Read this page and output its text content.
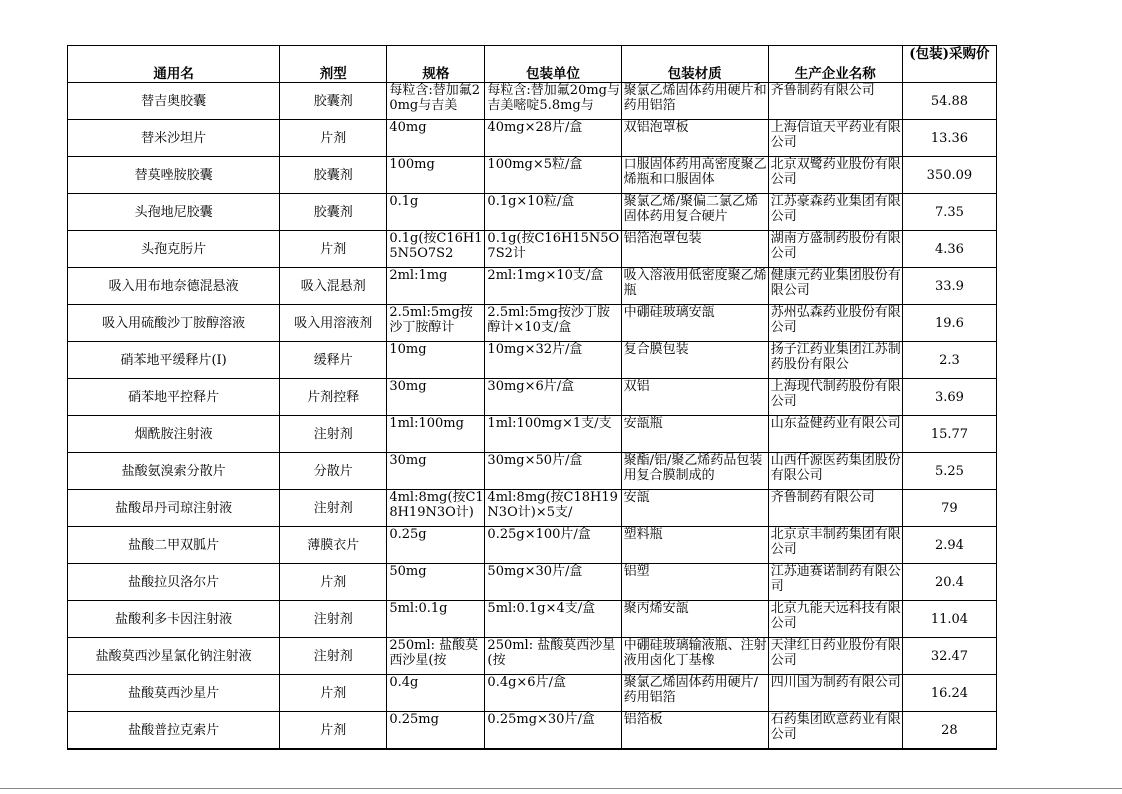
通用名	剂型	规格	包装单位	包装材质	生产企业名称	(包装)采购价
替吉奥胶囊	胶囊剂	每粒含:替加氟20mg与吉美	每粒含:替加氟20mg与吉美嘧啶5.8mg与	聚氯乙烯固体药用硬片和药用铝箔	齐鲁制药有限公司	54.88
替米沙坦片	片剂	40mg	40mg×28片/盒	双铝泡罩板	上海信谊天平药业有限公司	13.36
替莫唑胺胶囊	胶囊剂	100mg	100mg×5粒/盒	口服固体药用高密度聚乙烯瓶和口服固体	北京双鹭药业股份有限公司	350.09
头孢地尼胶囊	胶囊剂	0.1g	0.1g×10粒/盒	聚氯乙烯/聚偏二氯乙烯固体药用复合硬片	江苏豪森药业集团有限公司	7.35
头孢克肟片	片剂	0.1g(按C16H15N5O7S2	0.1g(按C16H15N5O7S2计	铝箔泡罩包装	湖南方盛制药股份有限公司	4.36
吸入用布地奈德混悬液	吸入混悬剂	2ml:1mg	2ml:1mg×10支/盒	吸入溶液用低密度聚乙烯瓶	健康元药业集团股份有限公司	33.9
吸入用硫酸沙丁胺醇溶液	吸入用溶液剂	2.5ml:5mg按沙丁胺醇计	2.5ml:5mg按沙丁胺醇计×10支/盒	中硼硅玻璃安瓿	苏州弘森药业股份有限公司	19.6
硝苯地平缓释片(Ⅰ)	缓释片	10mg	10mg×32片/盒	复合膜包装	扬子江药业集团江苏制药股份有限公	2.3
硝苯地平控释片	片剂控释	30mg	30mg×6片/盒	双铝	上海现代制药股份有限公司	3.69
烟酰胺注射液	注射剂	1ml:100mg	1ml:100mg×1支/支	安瓿瓶	山东益健药业有限公司	15.77
盐酸氨溴索分散片	分散片	30mg	30mg×50片/盒	聚酯/铝/聚乙烯药品包装用复合膜制成的	山西仟源医药集团股份有限公司	5.25
盐酸昂丹司琼注射液	注射剂	4ml:8mg(按C18H19N3O计)	4ml:8mg(按C18H19N3O计)×5支/	安瓿	齐鲁制药有限公司	79
盐酸二甲双胍片	薄膜衣片	0.25g	0.25g×100片/盒	塑料瓶	北京京丰制药集团有限公司	2.94
盐酸拉贝洛尔片	片剂	50mg	50mg×30片/盒	铝塑	江苏迪赛诺制药有限公司	20.4
盐酸利多卡因注射液	注射剂	5ml:0.1g	5ml:0.1g×4支/盒	聚丙烯安瓿	北京九能天远科技有限公司	11.04
盐酸莫西沙星氯化钠注射液	注射剂	250ml: 盐酸莫西沙星(按	250ml: 盐酸莫西沙星(按	中硼硅玻璃输液瓶、注射液用卤化丁基橡	天津红日药业股份有限公司	32.47
盐酸莫西沙星片	片剂	0.4g	0.4g×6片/盒	聚氯乙烯固体药用硬片/药用铝箔	四川国为制药有限公司	16.24
盐酸普拉克索片	片剂	0.25mg	0.25mg×30片/盒	铝箔板	石药集团欧意药业有限公司	28
